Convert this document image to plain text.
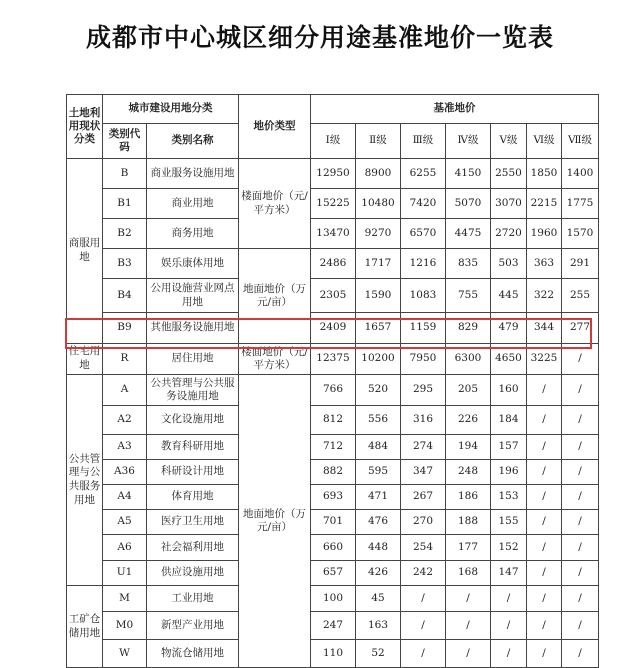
成都市中心城区细分用途基准地价一览表
土地利用现状分类	城市建设用地分类		地价类型	基准地价						
	类别代码	类别名称		Ⅰ级	Ⅱ级	Ⅲ级	Ⅳ级	Ⅴ级	Ⅵ级	Ⅶ级
商服用地	B	商业服务设施用地	楼面地价（元/平方米）	12950	8900	6255	4150	2550	1850	1400
	B1	商业用地		15225	10480	7420	5070	3070	2215	1775
	B2	商务用地		13470	9270	6570	4475	2720	1960	1570
	B3	娱乐康体用地	地面地价（万元/亩）	2486	1717	1216	835	503	363	291
	B4	公用设施营业网点用地		2305	1590	1083	755	445	322	255
	B9	其他服务设施用地		2409	1657	1159	829	479	344	277
住宅用地	R	居住用地	楼面地价（元/平方米）	12375	10200	7950	6300	4650	3225	/
公共管理与公共服务用地	A	公共管理与公共服务设施用地	地面地价（万元/亩）	766	520	295	205	160	/	/
	A2	文化设施用地		812	556	316	226	184	/	/
	A3	教育科研用地		712	484	274	194	157	/	/
	A36	科研设计用地		882	595	347	248	196	/	/
	A4	体育用地		693	471	267	186	153	/	/
	A5	医疗卫生用地		701	476	270	188	155	/	/
	A6	社会福利用地		660	448	254	177	152	/	/
	U1	供应设施用地		657	426	242	168	147	/	/
工矿仓储用地	M	工业用地		100	45	/	/	/	/	/
	M0	新型产业用地		247	163	/	/	/	/	/
	W	物流仓储用地		110	52	/	/	/	/	/
